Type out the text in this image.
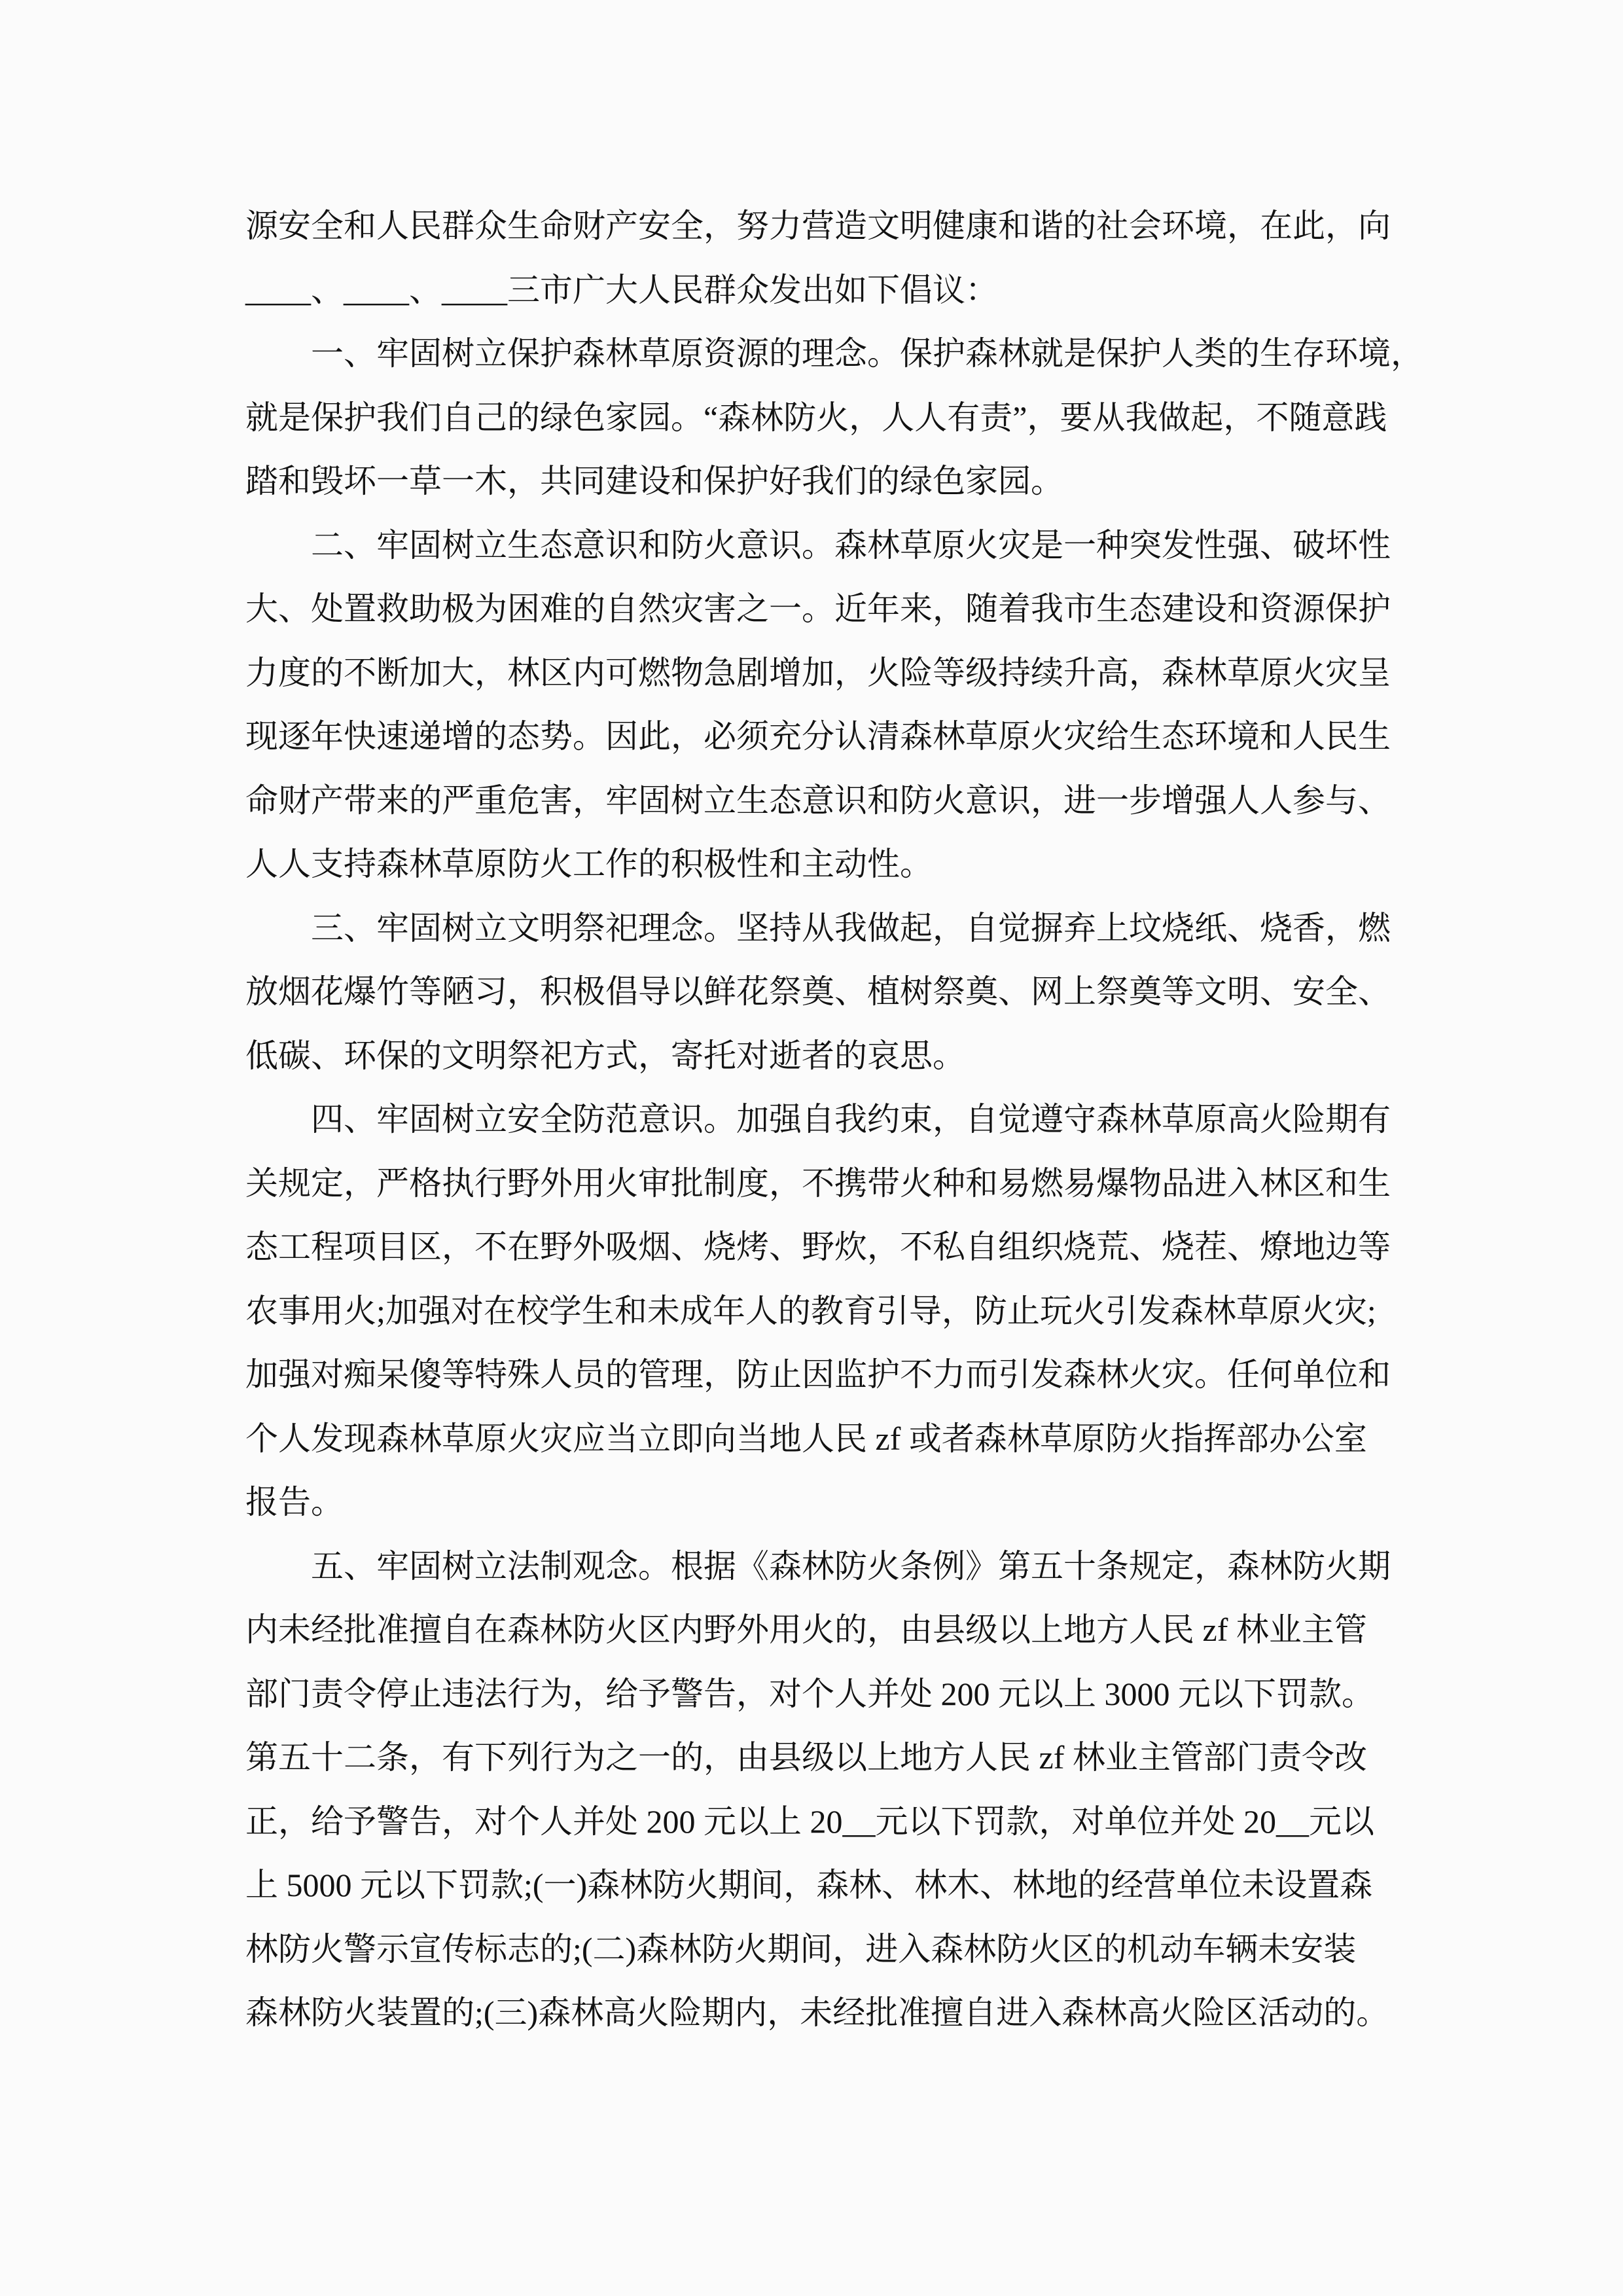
源安全和人民群众生命财产安全，努力营造文明健康和谐的社会环境，在此，向
____、____、____三市广大人民群众发出如下倡议：
　　一、牢固树立保护森林草原资源的理念。保护森林就是保护人类的生存环境，
就是保护我们自己的绿色家园。“森林防火，人人有责”，要从我做起，不随意践
踏和毁坏一草一木，共同建设和保护好我们的绿色家园。
　　二、牢固树立生态意识和防火意识。森林草原火灾是一种突发性强、破坏性
大、处置救助极为困难的自然灾害之一。近年来，随着我市生态建设和资源保护
力度的不断加大，林区内可燃物急剧增加，火险等级持续升高，森林草原火灾呈
现逐年快速递增的态势。因此，必须充分认清森林草原火灾给生态环境和人民生
命财产带来的严重危害，牢固树立生态意识和防火意识，进一步增强人人参与、
人人支持森林草原防火工作的积极性和主动性。
　　三、牢固树立文明祭祀理念。坚持从我做起，自觉摒弃上坟烧纸、烧香，燃
放烟花爆竹等陋习，积极倡导以鲜花祭奠、植树祭奠、网上祭奠等文明、安全、
低碳、环保的文明祭祀方式，寄托对逝者的哀思。
　　四、牢固树立安全防范意识。加强自我约束，自觉遵守森林草原高火险期有
关规定，严格执行野外用火审批制度，不携带火种和易燃易爆物品进入林区和生
态工程项目区，不在野外吸烟、烧烤、野炊，不私自组织烧荒、烧茬、燎地边等
农事用火;加强对在校学生和未成年人的教育引导，防止玩火引发森林草原火灾;
加强对痴呆傻等特殊人员的管理，防止因监护不力而引发森林火灾。任何单位和
个人发现森林草原火灾应当立即向当地人民 zf 或者森林草原防火指挥部办公室
报告。
　　五、牢固树立法制观念。根据《森林防火条例》第五十条规定，森林防火期
内未经批准擅自在森林防火区内野外用火的，由县级以上地方人民 zf 林业主管
部门责令停止违法行为，给予警告，对个人并处 200 元以上 3000 元以下罚款。
第五十二条，有下列行为之一的，由县级以上地方人民 zf 林业主管部门责令改
正，给予警告，对个人并处 200 元以上 20__元以下罚款，对单位并处 20__元以
上 5000 元以下罚款;(一)森林防火期间，森林、林木、林地的经营单位未设置森
林防火警示宣传标志的;(二)森林防火期间，进入森林防火区的机动车辆未安装
森林防火装置的;(三)森林高火险期内，未经批准擅自进入森林高火险区活动的。
